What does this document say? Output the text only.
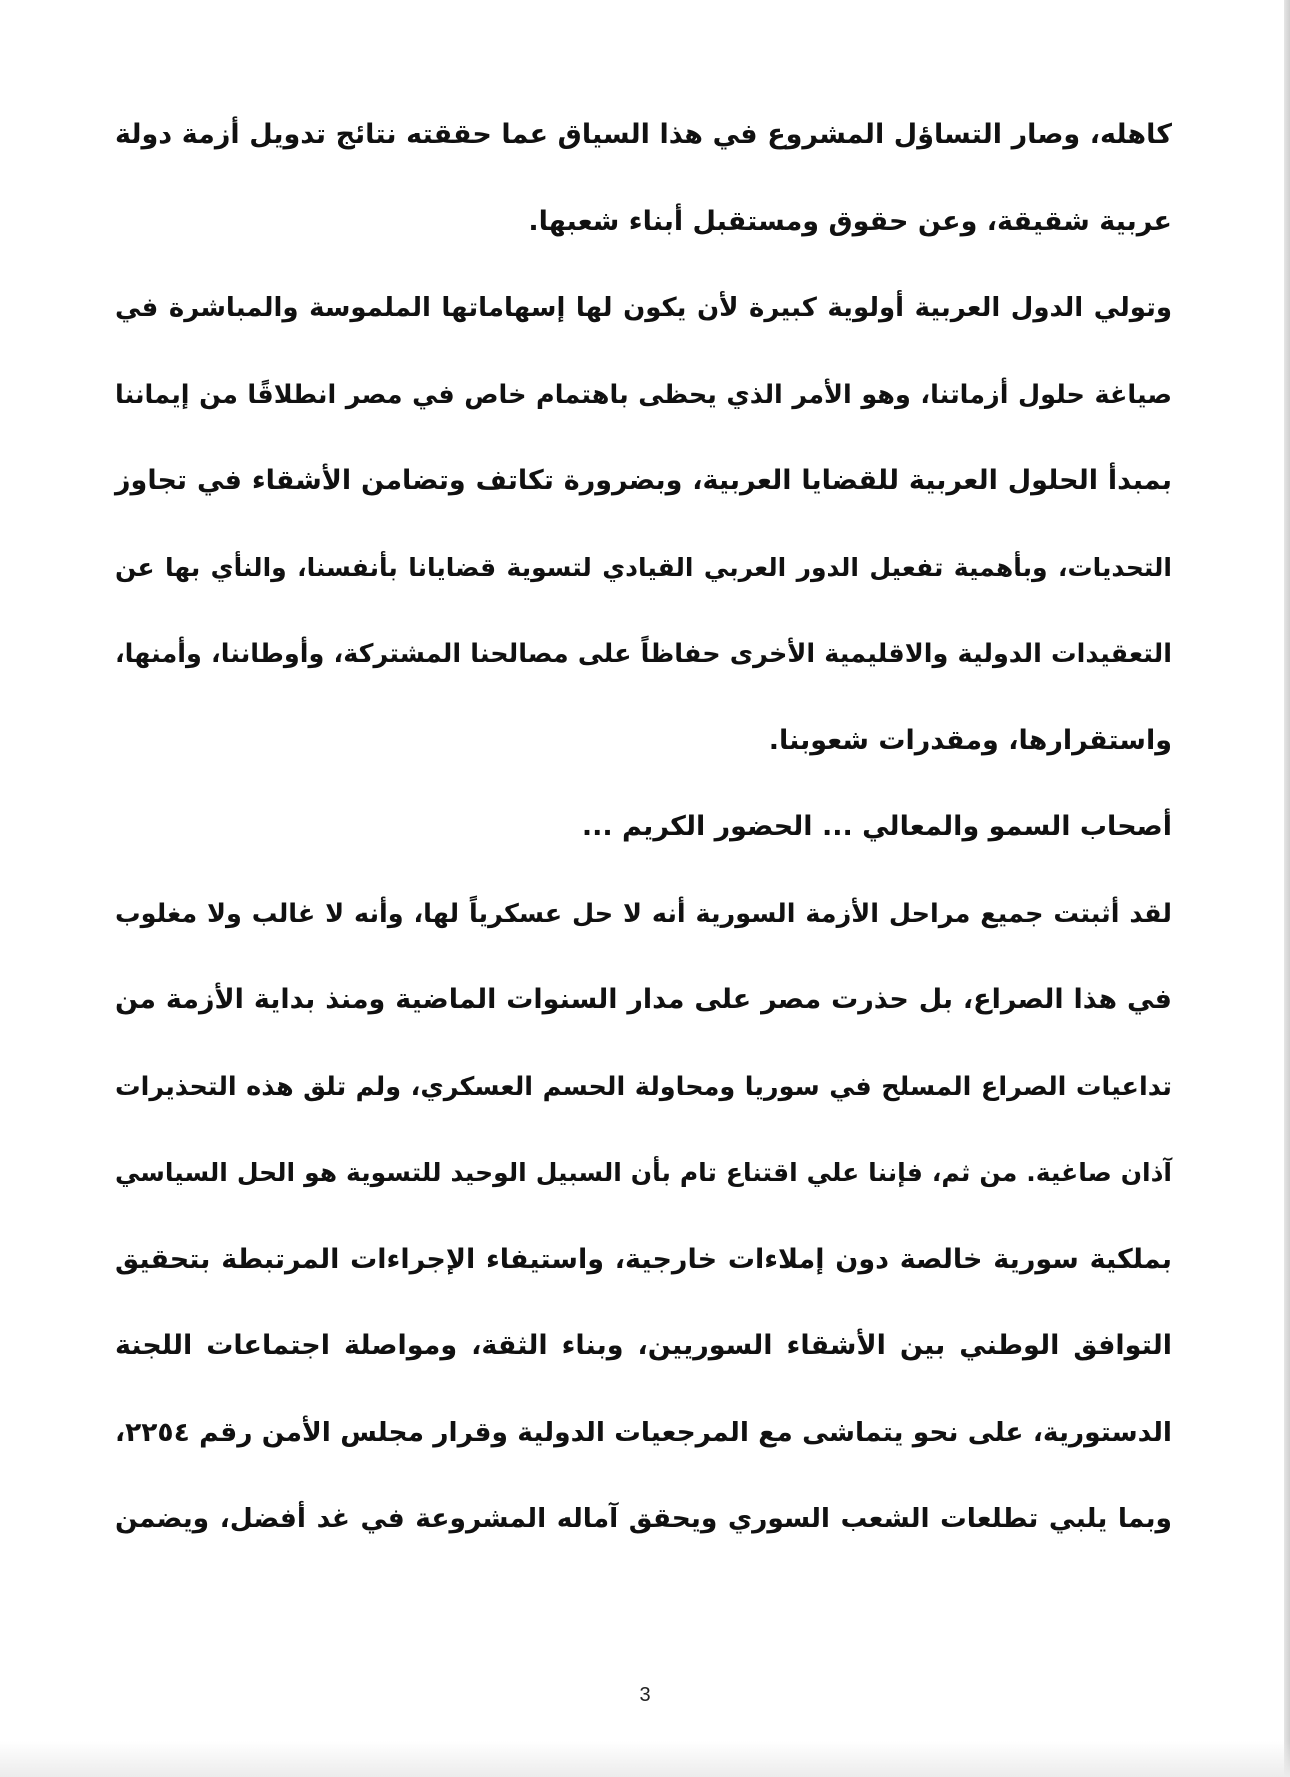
كاهله، وصار التساؤل المشروع في هذا السياق عما حققته نتائج تدويل أزمة دولة
عربية شقيقة، وعن حقوق ومستقبل أبناء شعبها.

وتولي الدول العربية أولوية كبيرة لأن يكون لها إسهاماتها الملموسة والمباشرة في
صياغة حلول أزماتنا، وهو الأمر الذي يحظى باهتمام خاص في مصر انطلاقًا من إيماننا
بمبدأ الحلول العربية للقضايا العربية، وبضرورة تكاتف وتضامن الأشقاء في تجاوز
التحديات، وبأهمية تفعيل الدور العربي القيادي لتسوية قضايانا بأنفسنا، والنأي بها عن
التعقيدات الدولية والاقليمية الأخرى حفاظاً على مصالحنا المشتركة، وأوطاننا، وأمنها،
واستقرارها، ومقدرات شعوبنا.

أصحاب السمو والمعالي ... الحضور الكريم ...

لقد أثبتت جميع مراحل الأزمة السورية أنه لا حل عسكرياً لها، وأنه لا غالب ولا مغلوب
في هذا الصراع، بل حذرت مصر على مدار السنوات الماضية ومنذ بداية الأزمة من
تداعيات الصراع المسلح في سوريا ومحاولة الحسم العسكري، ولم تلق هذه التحذيرات
آذان صاغية. من ثم، فإننا علي اقتناع تام بأن السبيل الوحيد للتسوية هو الحل السياسي
بملكية سورية خالصة دون إملاءات خارجية، واستيفاء الإجراءات المرتبطة بتحقيق
التوافق الوطني بين الأشقاء السوريين، وبناء الثقة، ومواصلة اجتماعات اللجنة
الدستورية، على نحو يتماشى مع المرجعيات الدولية وقرار مجلس الأمن رقم ٢٢٥٤،
وبما يلبي تطلعات الشعب السوري ويحقق آماله المشروعة في غد أفضل، ويضمن

3
